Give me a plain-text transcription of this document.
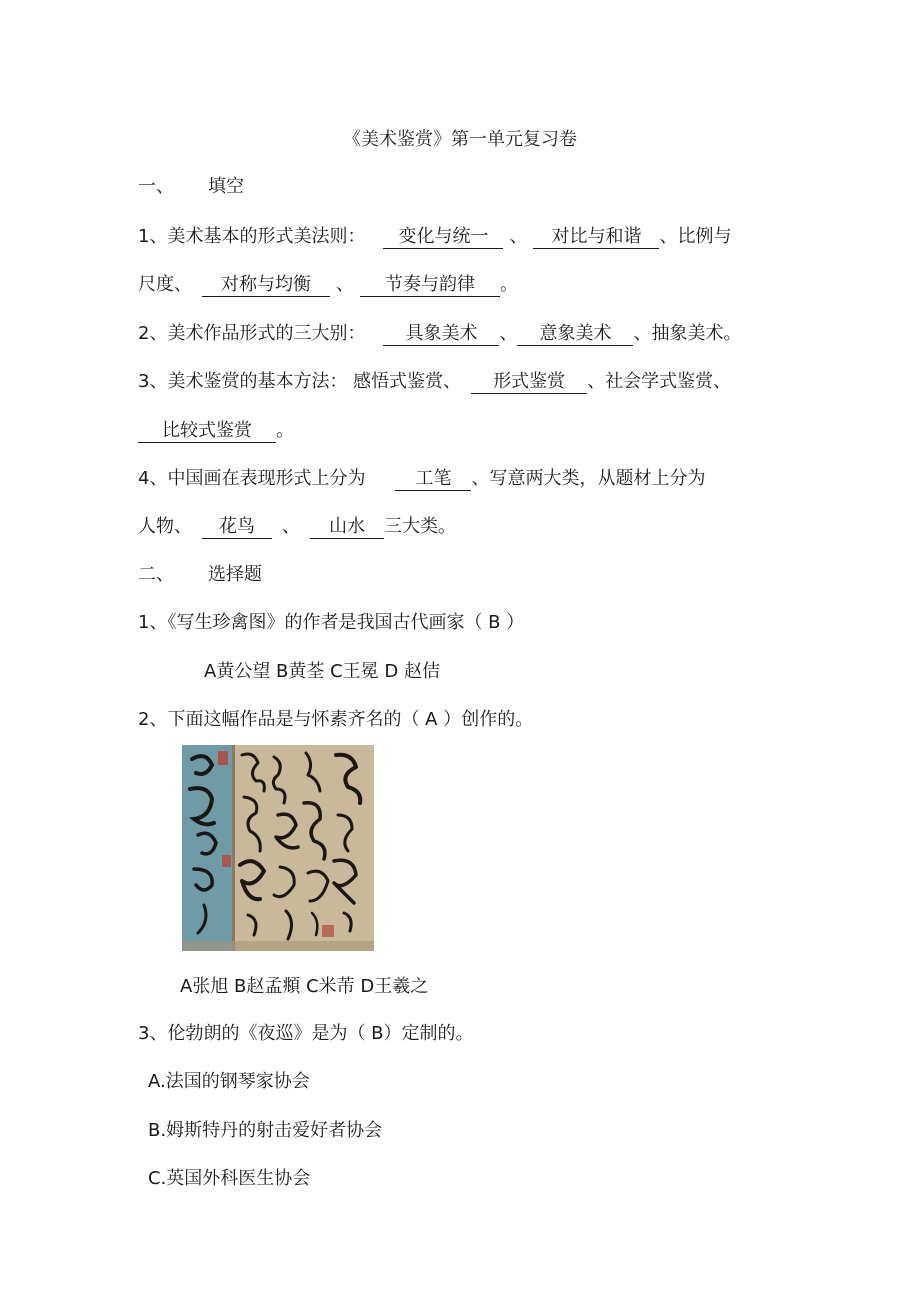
《美术鉴赏》第一单元复习卷
一、 填空
1、美术基本的形式美法则： 变化与统一 、 对比与和谐 、比例与
尺度、 对称与均衡 、 节奏与韵律 。
2、美术作品形式的三大别： 具象美术 、 意象美术 、抽象美术。
3、美术鉴赏的基本方法： 感悟式鉴赏、 形式鉴赏 、社会学式鉴赏、
比较式鉴赏 。
4、中国画在表现形式上分为	工笔 、写意两大类，从题材上分为
人物、 花鸟 、 山水 三大类。
二、 选择题
1、《写生珍禽图》的作者是我国古代画家（ B ）
A黄公望 B黄荃 C王冕 D 赵佶
2、下面这幅作品是与怀素齐名的（ A ）创作的。
A张旭 B赵孟頫 C米芾 D王羲之
3、伦勃朗的《夜巡》是为（ B）定制的。
A.法国的钢琴家协会
B.姆斯特丹的射击爱好者协会
C.英国外科医生协会
